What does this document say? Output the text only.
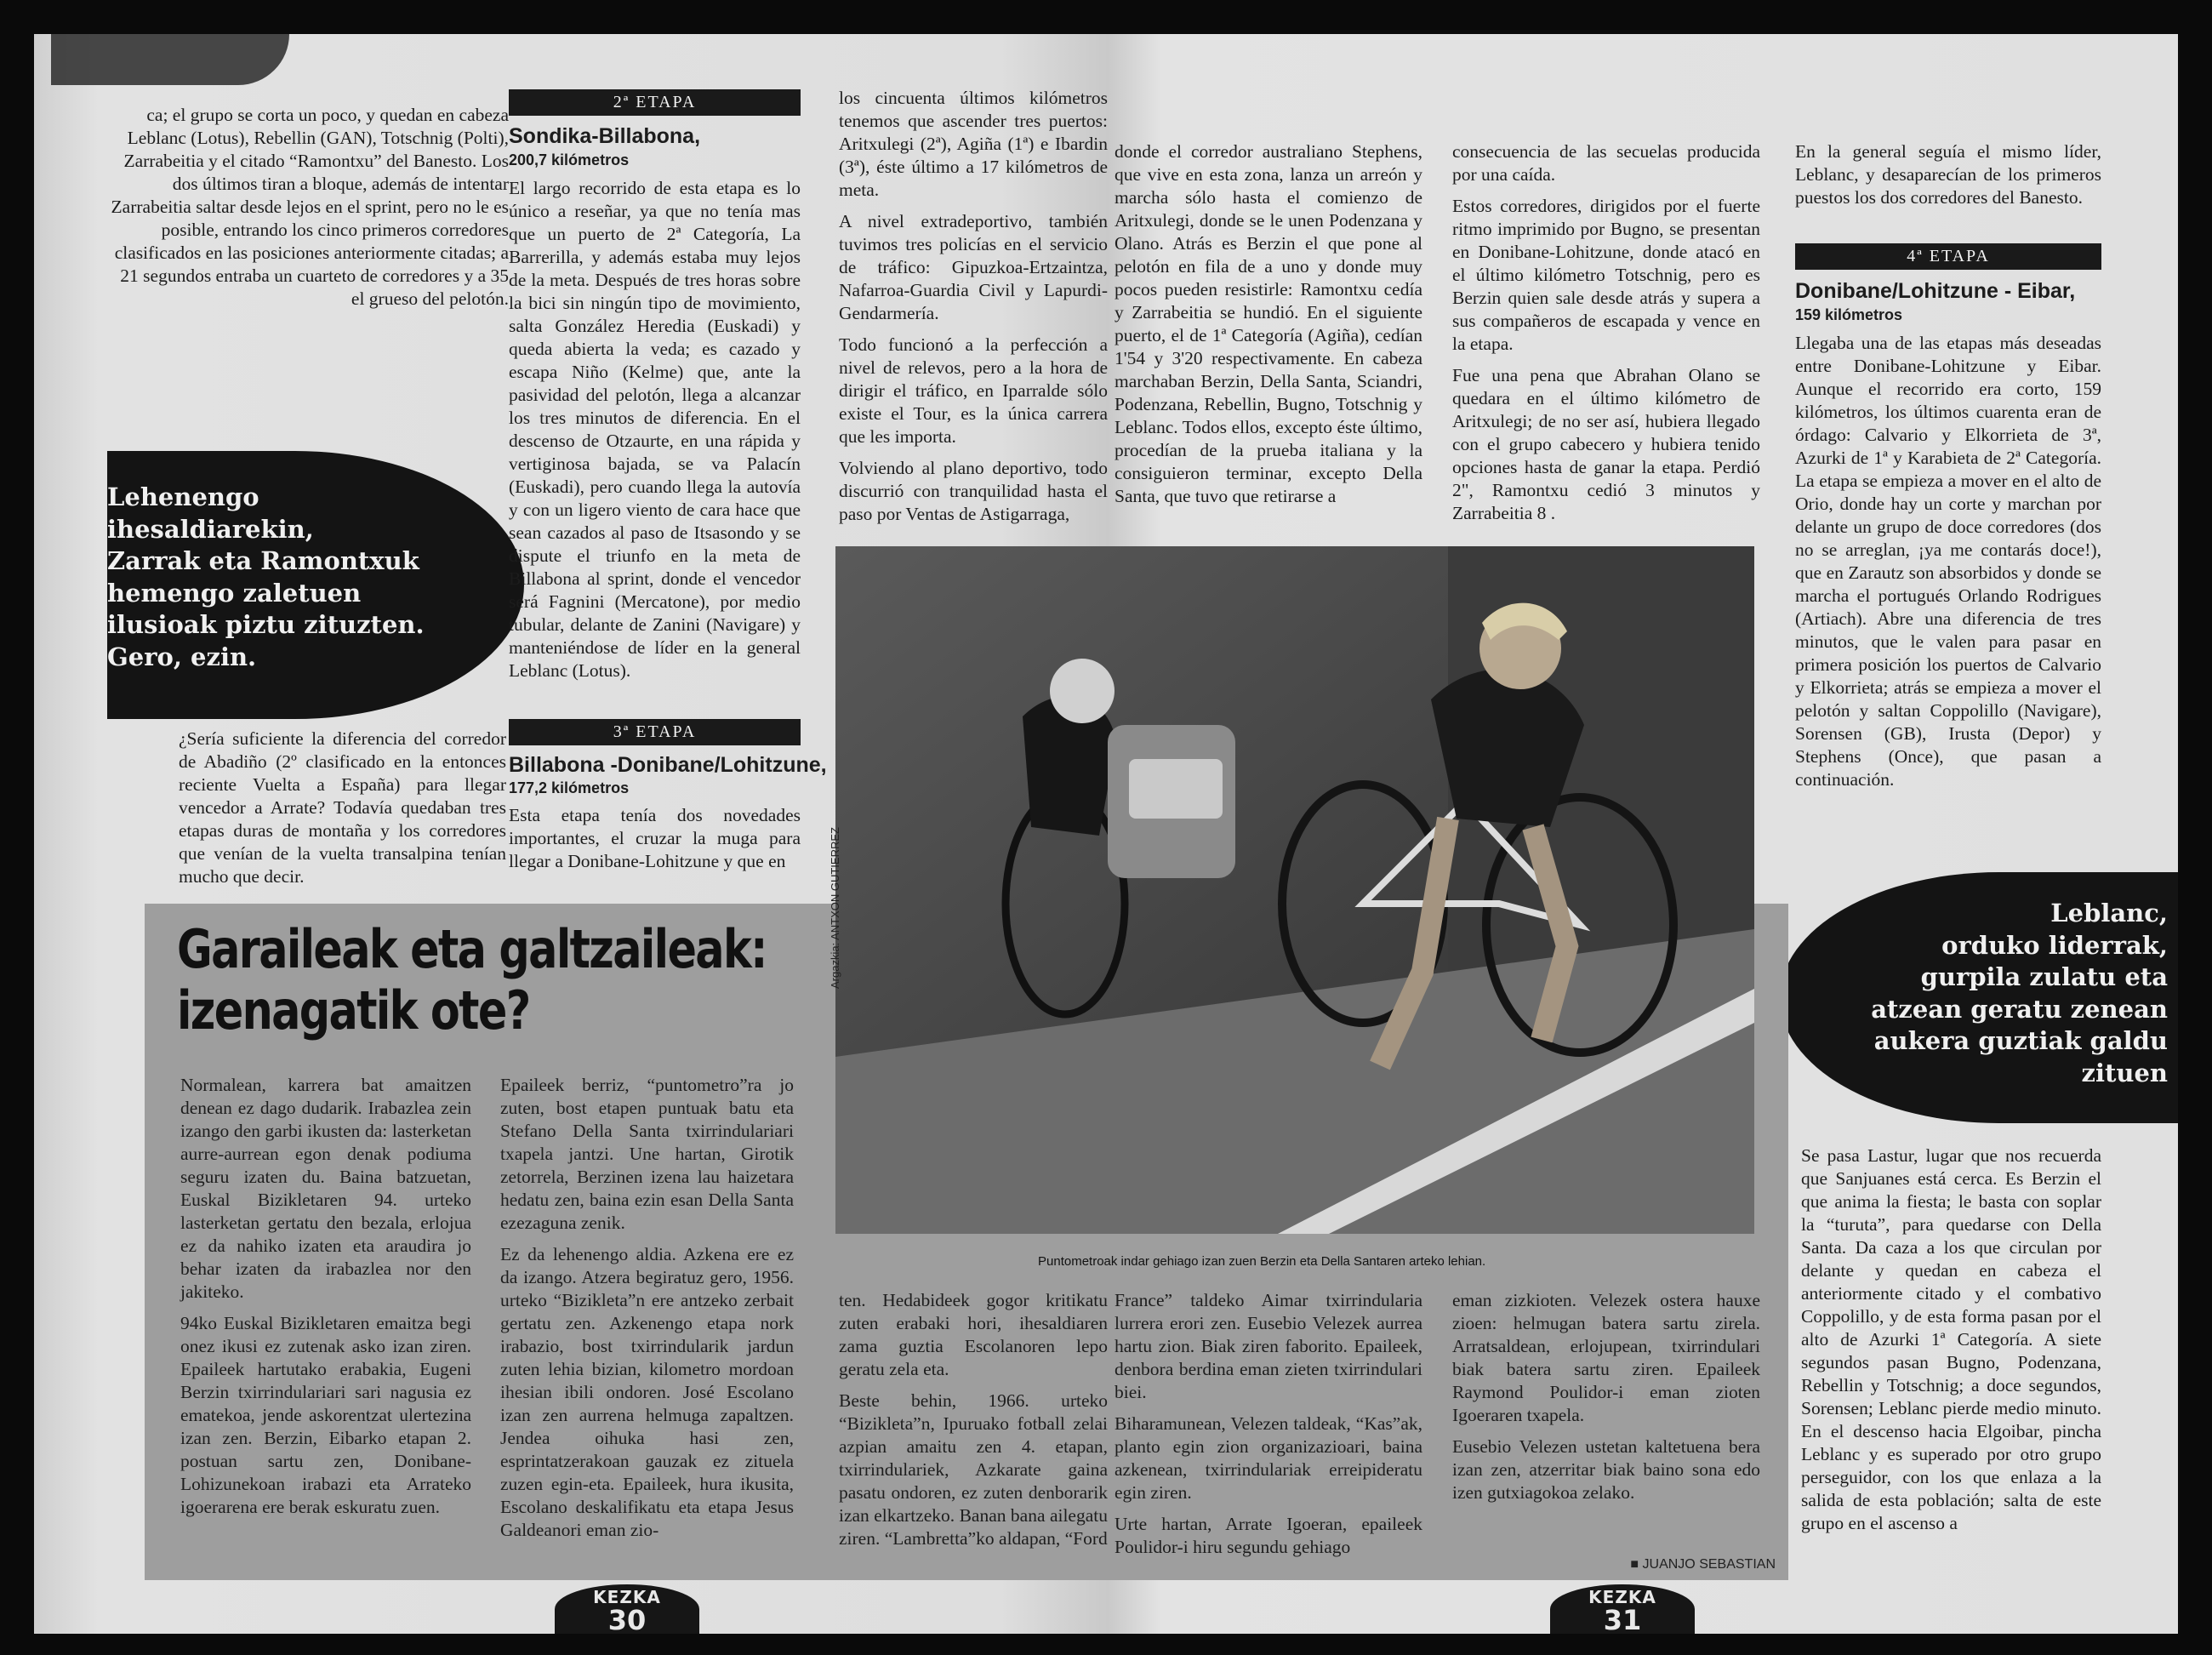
ca; el grupo se corta un poco, y quedan en cabeza Leblanc (Lotus), Rebellin (GAN), Totschnig (Polti), Zarrabeitia y el citado “Ramontxu” del Banesto. Los dos últimos tiran a bloque, además de intentar Zarrabeitia saltar desde lejos en el sprint, pero no le es posible, entrando los cinco primeros corredores clasificados en las posiciones anteriormente citadas; a 21 segundos entraba un cuarteto de corredores y a 35 el grueso del pelotón.
Lehenengo
ihesaldiarekin,
Zarrak eta Ramontxuk
hemengo zaletuen
ilusioak piztu zituzten.
Gero, ezin.
¿Sería suficiente la diferencia del corredor de Abadiño (2º clasificado en la entonces reciente Vuelta a España) para llegar vencedor a Arrate? Todavía quedaban tres etapas duras de montaña y los corredores que venían de la vuelta transalpina tenían mucho que decir.
2ª ETAPA
Sondika-Billabona,
200,7 kilómetros
El largo recorrido de esta etapa es lo único a reseñar, ya que no tenía mas que un puerto de 2ª Categoría, La Barrerilla, y además estaba muy lejos de la meta. Después de tres horas sobre la bici sin ningún tipo de movimiento, salta González Heredia (Euskadi) y queda abierta la veda; es cazado y escapa Niño (Kelme) que, ante la pasividad del pelotón, llega a alcanzar los tres minutos de diferencia. En el descenso de Otzaurte, en una rápida y vertiginosa bajada, se va Palacín (Euskadi), pero cuando llega la autovía y con un ligero viento de cara hace que sean cazados al paso de Itsasondo y se dispute el triunfo en la meta de Billabona al sprint, donde el vencedor será Fagnini (Mercatone), por medio tubular, delante de Zanini (Navigare) y manteniéndose de líder en la general Leblanc (Lotus).
3ª ETAPA
Billabona -Donibane/Lohitzune,
177,2 kilómetros
Esta etapa tenía dos novedades importantes, el cruzar la muga para llegar a Donibane-Lohitzune y que en

los cincuenta últimos kilómetros tenemos que ascender tres puertos: Aritxulegi (2ª), Agiña (1ª) e Ibardin (3ª), éste último a 17 kilómetros de meta.

A nivel extradeportivo, también tuvimos tres policías en el servicio de tráfico: Gipuzkoa-Ertzaintza, Nafarroa-Guardia Civil y Lapurdi-Gendarmería.

Todo funcionó a la perfección a nivel de relevos, pero a la hora de dirigir el tráfico, en Iparralde sólo existe el Tour, es la única carrera que les importa.

Volviendo al plano deportivo, todo discurrió con tranquilidad hasta el paso por Ventas de Astigarraga,

Garaileak eta galtzaileak:
izenagatik ote?

Normalean, karrera bat amaitzen denean ez dago dudarik. Irabazlea zein izango den garbi ikusten da: lasterketan aurre-aurrean egon denak podiuma seguru izaten du. Baina batzuetan, Euskal Bizikletaren 94. urteko lasterketan gertatu den bezala, erlojua ez da nahiko izaten eta araudira jo behar izaten da irabazlea nor den jakiteko.

94ko Euskal Bizikletaren emaitza begi onez ikusi ez zutenak asko izan ziren. Epaileek hartutako erabakia, Eugeni Berzin txirrindulariari sari nagusia ez ematekoa, jende askorentzat ulertezina izan zen. Berzin, Eibarko etapan 2. postuan sartu zen, Donibane-Lohizunekoan irabazi eta Arrateko igoerarena ere berak eskuratu zuen.

Epaileek berriz, “puntometro”ra jo zuten, bost etapen puntuak batu eta Stefano Della Santa txirrindulariari txapela jantzi. Une hartan, Girotik zetorrela, Berzinen izena lau haizetara hedatu zen, baina ezin esan Della Santa ezezaguna zenik.

Ez da lehenengo aldia. Azkena ere ez da izango. Atzera begiratuz gero, 1956. urteko “Bizikleta”n ere antzeko zerbait gertatu zen. Azkenengo etapa nork irabazio, bost txirrindularik jardun zuten lehia bizian, kilometro mordoan ihesian ibili ondoren. José Escolano izan zen aurrena helmuga zapaltzen. Jendea oihuka hasi zen, esprintatzerakoan gauzak ez zituela zuzen egin-eta. Epaileek, hura ikusita, Escolano deskalifikatu eta etapa Jesus Galdeanori eman zio-

ten. Hedabideek gogor kritikatu zuten erabaki hori, ihesaldiaren zama guztia Escolanoren lepo geratu zela eta.

Beste behin, 1966. urteko “Bizikleta”n, Ipuruako fotball zelai azpian amaitu zen 4. etapan, txirrindulariek, Azkarate gaina pasatu ondoren, ez zuten denborarik izan elkartzeko. Banan bana ailegatu ziren. “Lambretta”ko aldapan, “Ford

KEZKA
30
donde el corredor australiano Stephens, que vive en esta zona, lanza un arreón y marcha sólo hasta el comienzo de Aritxulegi, donde se le unen Podenzana y Olano. Atrás es Berzin el que pone al pelotón en fila de a uno y donde muy pocos pueden resistirle: Ramontxu cedía y Zarrabeitia se hundió. En el siguiente puerto, el de 1ª Categoría (Agiña), cedían 1'54 y 3'20 respectivamente. En cabeza marchaban Berzin, Della Santa, Sciandri, Podenzana, Rebellin, Bugno, Totschnig y Leblanc. Todos ellos, excepto éste último, procedían de la prueba italiana y la consiguieron terminar, excepto Della Santa, que tuvo que retirarse a

consecuencia de las secuelas producida por una caída.

Estos corredores, dirigidos por el fuerte ritmo imprimido por Bugno, se presentan en Donibane-Lohitzune, donde atacó en el último kilómetro Totschnig, pero es Berzin quien sale desde atrás y supera a sus compañeros de escapada y vence en la etapa.

Fue una pena que Abrahan Olano se quedara en el último kilómetro de Aritxulegi; de no ser así, hubiera llegado con el grupo cabecero y hubiera tenido opciones hasta de ganar la etapa. Perdió 2", Ramontxu cedió 3 minutos y Zarrabeitia 8 .

En la general seguía el mismo líder, Leblanc, y desaparecían de los primeros puestos los dos corredores del Banesto.
4ª ETAPA
Donibane/Lohitzune - Eibar,
159 kilómetros
Llegaba una de las etapas más deseadas entre Donibane-Lohitzune y Eibar. Aunque el recorrido era corto, 159 kilómetros, los últimos cuarenta eran de órdago: Calvario y Elkorrieta de 3ª, Azurki de 1ª y Karabieta de 2ª Categoría. La etapa se empieza a mover en el alto de Orio, donde hay un corte y marchan por delante un grupo de doce corredores (dos no se arreglan, ¡ya me contarás doce!), que en Zarautz son absorbidos y donde se marcha el portugués Orlando Rodrigues (Artiach). Abre una diferencia de tres minutos, que le valen para pasar en primera posición los puertos de Calvario y Elkorrieta; atrás se empieza a mover el pelotón y saltan Coppolillo (Navigare), Sorensen (GB), Irusta (Depor) y Stephens (Once), que pasan a continuación.
Leblanc,
orduko liderrak,
gurpila zulatu eta
atzean geratu zenean
aukera guztiak galdu
zituen
Se pasa Lastur, lugar que nos recuerda que Sanjuanes está cerca. Es Berzin el que anima la fiesta; le basta con soplar la “turuta”, para quedarse con Della Santa. Da caza a los que circulan por delante y quedan en cabeza el anteriormente citado y el combativo Coppolillo, y de esta forma pasan por el alto de Azurki 1ª Categoría. A siete segundos pasan Bugno, Podenzana, Rebellin y Totschnig; a doce segundos, Sorensen; Leblanc pierde medio minuto. En el descenso hacia Elgoibar, pincha Leblanc y es superado por otro grupo perseguidor, con los que enlaza a la salida de esta población; salta de este grupo en el ascenso a

France” taldeko Aimar txirrindularia lurrera erori zen. Eusebio Velezek aurrea hartu zion. Biak ziren faborito. Epaileek, denbora berdina eman zieten txirrindulari biei.

Biharamunean, Velezen taldeak, “Kas”ak, planto egin zion organizazioari, baina azkenean, txirrindulariak erreipideratu egin ziren.

Urte hartan, Arrate Igoeran, epaileek Poulidor-i hiru segundu gehiago

eman zizkioten. Velezek ostera hauxe zioen: helmugan batera sartu zirela. Arratsaldean, erlojupean, txirrindulari biak batera sartu ziren. Epaileek Raymond Poulidor-i eman zioten Igoeraren txapela.

Eusebio Velezen ustetan kaltetuena bera izan zen, atzerritar biak baino sona edo izen gutxiagokoa zelako.

■ JUANJO SEBASTIAN
KEZKA
31
Argazkia: ANTXON GUTIERREZ
Puntometroak indar gehiago izan zuen Berzin eta Della Santaren arteko lehian.
